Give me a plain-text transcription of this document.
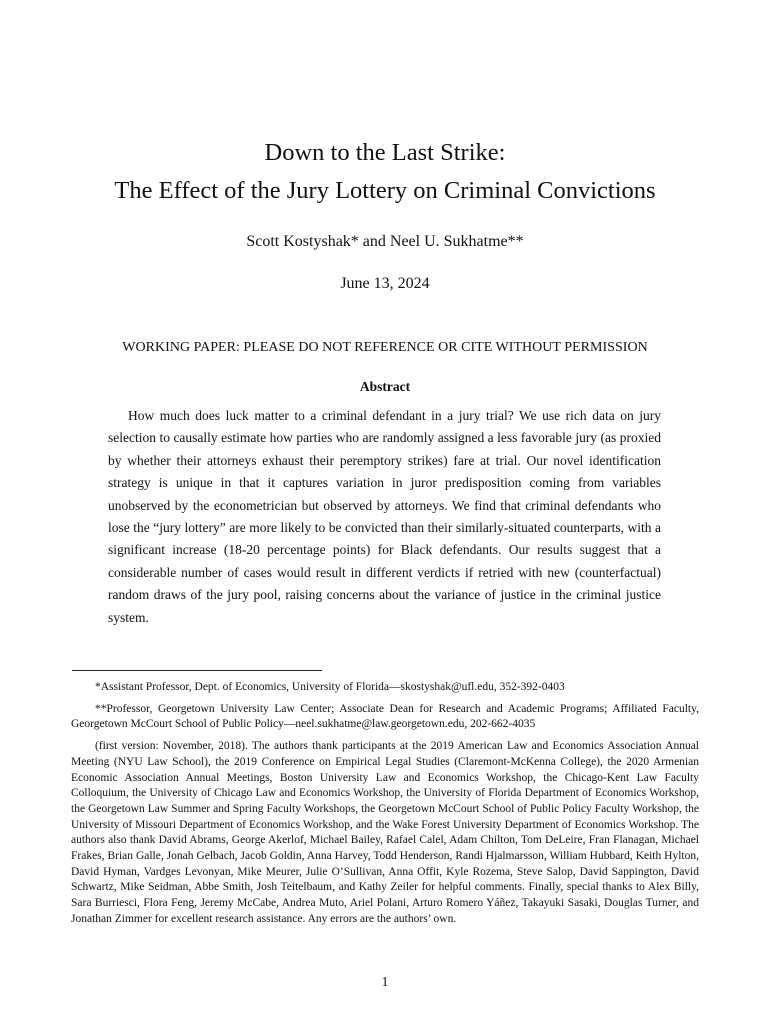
Down to the Last Strike:
The Effect of the Jury Lottery on Criminal Convictions
Scott Kostyshak* and Neel U. Sukhatme**
June 13, 2024
WORKING PAPER: PLEASE DO NOT REFERENCE OR CITE WITHOUT PERMISSION
Abstract

How much does luck matter to a criminal defendant in a jury trial? We use rich data on jury selection to causally estimate how parties who are randomly assigned a less favorable jury (as proxied by whether their attorneys exhaust their peremptory strikes) fare at trial. Our novel identification strategy is unique in that it captures variation in juror predisposition coming from variables unobserved by the econometrician but observed by attorneys. We find that criminal defendants who lose the “jury lottery” are more likely to be convicted than their similarly-situated counterparts, with a significant increase (18-20 percentage points) for Black defendants. Our results suggest that a considerable number of cases would result in different verdicts if retried with new (counterfactual) random draws of the jury pool, raising concerns about the variance of justice in the criminal justice system.

*Assistant Professor, Dept. of Economics, University of Florida—skostyshak@ufl.edu, 352-392-0403

**Professor, Georgetown University Law Center; Associate Dean for Research and Academic Programs; Affiliated Faculty, Georgetown McCourt School of Public Policy—neel.sukhatme@law.georgetown.edu, 202-662-4035

(first version: November, 2018). The authors thank participants at the 2019 American Law and Economics Association Annual Meeting (NYU Law School), the 2019 Conference on Empirical Legal Studies (Claremont-McKenna College), the 2020 Armenian Economic Association Annual Meetings, Boston University Law and Economics Workshop, the Chicago-Kent Law Faculty Colloquium, the University of Chicago Law and Economics Workshop, the University of Florida Department of Economics Workshop, the Georgetown Law Summer and Spring Faculty Workshops, the Georgetown McCourt School of Public Policy Faculty Workshop, the University of Missouri Department of Economics Workshop, and the Wake Forest University Department of Economics Workshop. The authors also thank David Abrams, George Akerlof, Michael Bailey, Rafael Calel, Adam Chilton, Tom DeLeire, Fran Flanagan, Michael Frakes, Brian Galle, Jonah Gelbach, Jacob Goldin, Anna Harvey, Todd Henderson, Randi Hjalmarsson, William Hubbard, Keith Hylton, David Hyman, Vardges Levonyan, Mike Meurer, Julie O’Sullivan, Anna Offit, Kyle Rozema, Steve Salop, David Sappington, David Schwartz, Mike Seidman, Abbe Smith, Josh Teitelbaum, and Kathy Zeiler for helpful comments. Finally, special thanks to Alex Billy, Sara Burriesci, Flora Feng, Jeremy McCabe, Andrea Muto, Ariel Polani, Arturo Romero Yáñez, Takayuki Sasaki, Douglas Turner, and Jonathan Zimmer for excellent research assistance. Any errors are the authors’ own.

1
